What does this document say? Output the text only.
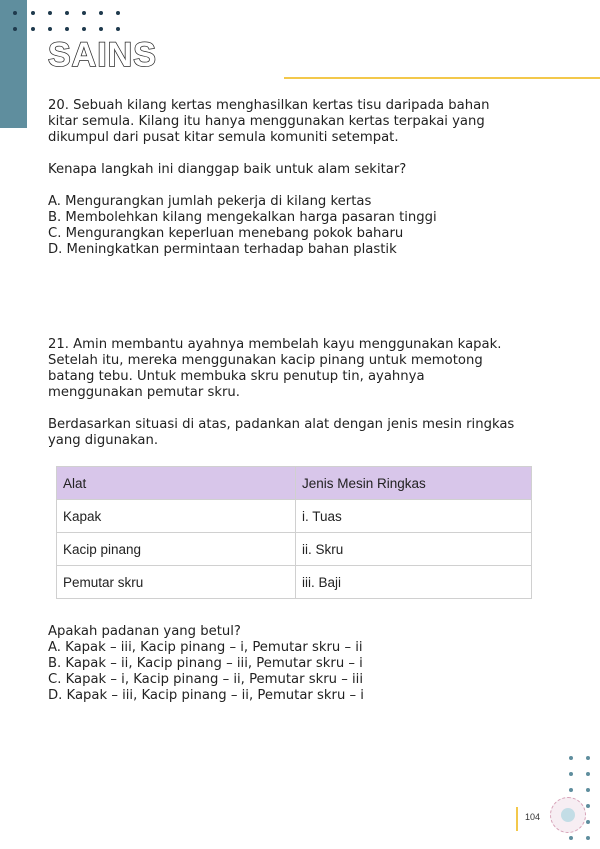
SAINS

20. Sebuah kilang kertas menghasilkan kertas tisu daripada bahan

kitar semula. Kilang itu hanya menggunakan kertas terpakai yang

dikumpul dari pusat kitar semula komuniti setempat.

Kenapa langkah ini dianggap baik untuk alam sekitar?

A. Mengurangkan jumlah pekerja di kilang kertas

B. Membolehkan kilang mengekalkan harga pasaran tinggi

C. Mengurangkan keperluan menebang pokok baharu

D. Meningkatkan permintaan terhadap bahan plastik

21. Amin membantu ayahnya membelah kayu menggunakan kapak.

Setelah itu, mereka menggunakan kacip pinang untuk memotong

batang tebu. Untuk membuka skru penutup tin, ayahnya

menggunakan pemutar skru.

Berdasarkan situasi di atas, padankan alat dengan jenis mesin ringkas

yang digunakan.

Alat	Jenis Mesin Ringkas
Kapak	i. Tuas
Kacip pinang	ii. Skru
Pemutar skru	iii. Baji

Apakah padanan yang betul?

A. Kapak – iii, Kacip pinang – i, Pemutar skru – ii

B. Kapak – ii, Kacip pinang – iii, Pemutar skru – i

C. Kapak – i, Kacip pinang – ii, Pemutar skru – iii

D. Kapak – iii, Kacip pinang – ii, Pemutar skru – i

104
